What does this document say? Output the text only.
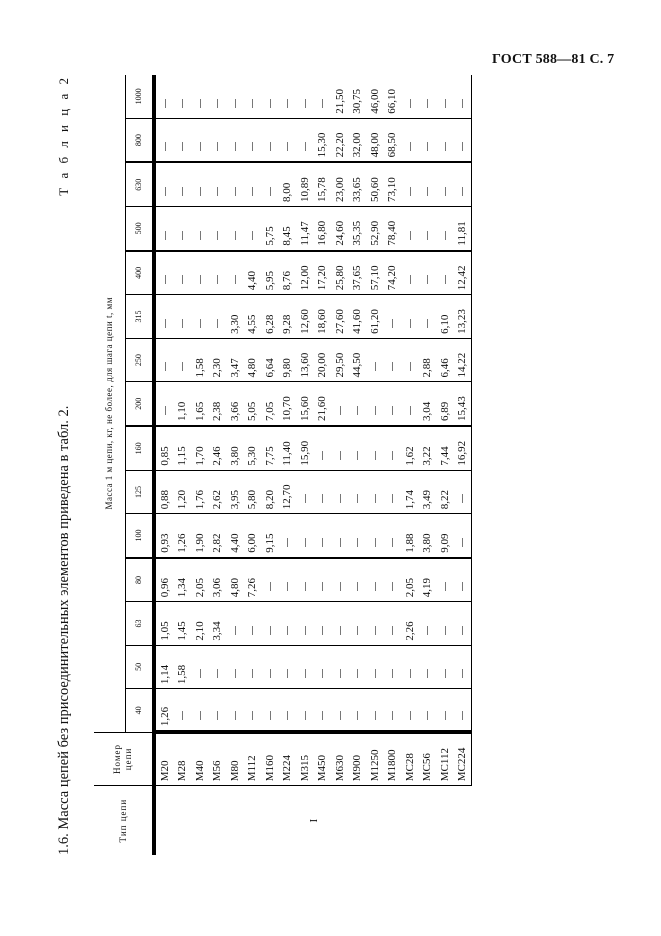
ГОСТ 588—81 С. 7
1.6. Масса цепей без присоединительных элементов приведена в табл. 2.
Т а б л и ц а 2
Тип цепи	Номер цепи	Масса 1 м цепи, кг, не более, для шага цепи t, мм														
		40	50	63	80	100	125	160	200	250	315	400	500	630	800	1000
I	М20	1,26	1,14	1,05	0,96	0,93	0,88	0,85								
	М28		1,58	1,45	1,34	1,26	1,20	1,15	1,10							
	М40			2,10	2,05	1,90	1,76	1,70	1,65	1,58						
	М56			3,34	3,06	2,82	2,62	2,46	2,38	2,30						
	М80				4,80	4,40	3,95	3,80	3,66	3,47	3,30					
	М112				7,26	6,00	5,80	5,30	5,05	4,80	4,55	4,40				
	М160					9,15	8,20	7,75	7,05	6,64	6,28	5,95	5,75			
	М224						12,70	11,40	10,70	9,80	9,28	8,76	8,45	8,00		
	М315							15,90	15,60	13,60	12,60	12,00	11,47	10,89		
	М450								21,60	20,00	18,60	17,20	16,80	15,78	15,30	
	М630									29,50	27,60	25,80	24,60	23,00	22,20	21,50
	М900									44,50	41,60	37,65	35,35	33,65	32,00	30,75
	М1250										61,20	57,10	52,90	50,60	48,00	46,00
	М1800											74,20	78,40	73,10	68,50	66,10
	МС28			2,26	2,05	1,88	1,74	1,62								
	МС56				4,19	3,80	3,49	3,22	3,04	2,88						
	МС112					9,09	8,22	7,44	6,89	6,46	6,10					
	МС224							16,92	15,43	14,22	13,23	12,42	11,81			
